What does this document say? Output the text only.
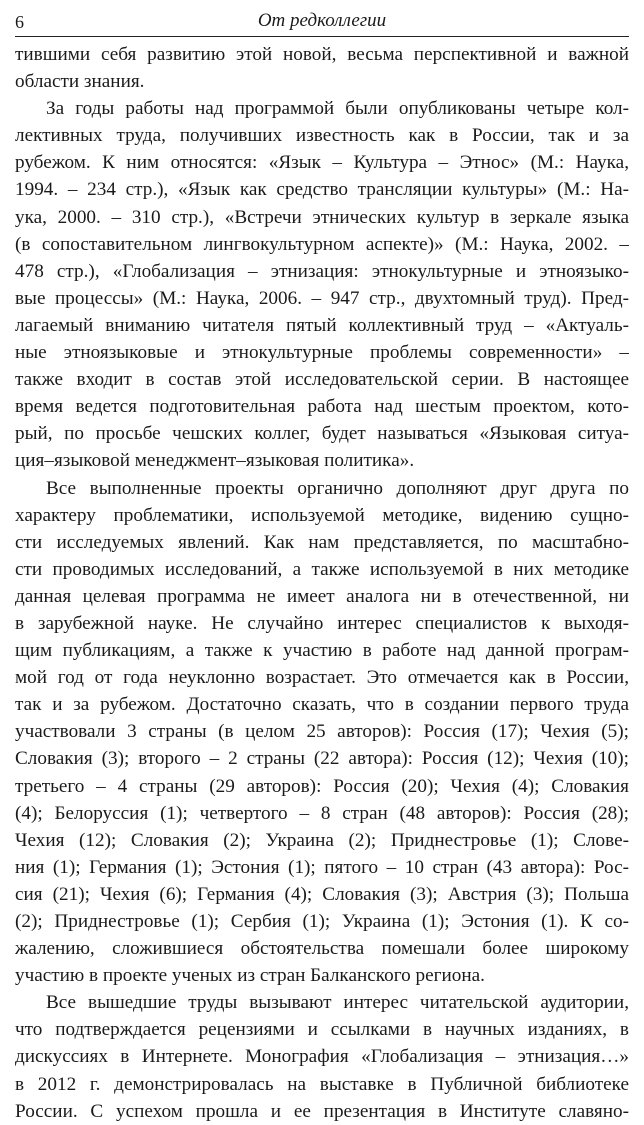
6	От редколлегии
тившими себя развитию этой новой, весьма перспективной и важной
области знания.
За годы работы над программой были опубликованы четыре кол-
лективных труда, получивших известность как в России, так и за
рубежом. К ним относятся: «Язык – Культура – Этнос» (М.: Наука,
1994. – 234 стр.), «Язык как средство трансляции культуры» (М.: На-
ука, 2000. – 310 стр.), «Встречи этнических культур в зеркале языка
(в сопоставительном лингвокультурном аспекте)» (М.: Наука, 2002. –
478 стр.), «Глобализация – этнизация: этнокультурные и этноязыко-
вые процессы» (М.: Наука, 2006. – 947 стр., двухтомный труд). Пред-
лагаемый вниманию читателя пятый коллективный труд – «Актуаль-
ные этноязыковые и этнокультурные проблемы современности» –
также входит в состав этой исследовательской серии. В настоящее
время ведется подготовительная работа над шестым проектом, кото-
рый, по просьбе чешских коллег, будет называться «Языковая ситуа-
ция–языковой менеджмент–языковая политика».
Все выполненные проекты органично дополняют друг друга по
характеру проблематики, используемой методике, видению сущно-
сти исследуемых явлений. Как нам представляется, по масштабно-
сти проводимых исследований, а также используемой в них методике
данная целевая программа не имеет аналога ни в отечественной, ни
в зарубежной науке. Не случайно интерес специалистов к выходя-
щим публикациям, а также к участию в работе над данной програм-
мой год от года неуклонно возрастает. Это отмечается как в России,
так и за рубежом. Достаточно сказать, что в создании первого труда
участвовали 3 страны (в целом 25 авторов): Россия (17); Чехия (5);
Словакия (3); второго – 2 страны (22 автора): Россия (12); Чехия (10);
третьего – 4 страны (29 авторов): Россия (20); Чехия (4); Словакия
(4); Белоруссия (1); четвертого – 8 стран (48 авторов): Россия (28);
Чехия (12); Словакия (2); Украина (2); Приднестровье (1); Слове-
ния (1); Германия (1); Эстония (1); пятого – 10 стран (43 автора): Рос-
сия (21); Чехия (6); Германия (4); Словакия (3); Австрия (3); Польша
(2); Приднестровье (1); Сербия (1); Украина (1); Эстония (1). К со-
жалению, сложившиеся обстоятельства помешали более широкому
участию в проекте ученых из стран Балканского региона.
Все вышедшие труды вызывают интерес читательской аудитории,
что подтверждается рецензиями и ссылками в научных изданиях, в
дискуссиях в Интернете. Монография «Глобализация – этнизация…»
в 2012 г. демонстрировалась на выставке в Публичной библиотеке
России. С успехом прошла и ее презентация в Институте славяно-
